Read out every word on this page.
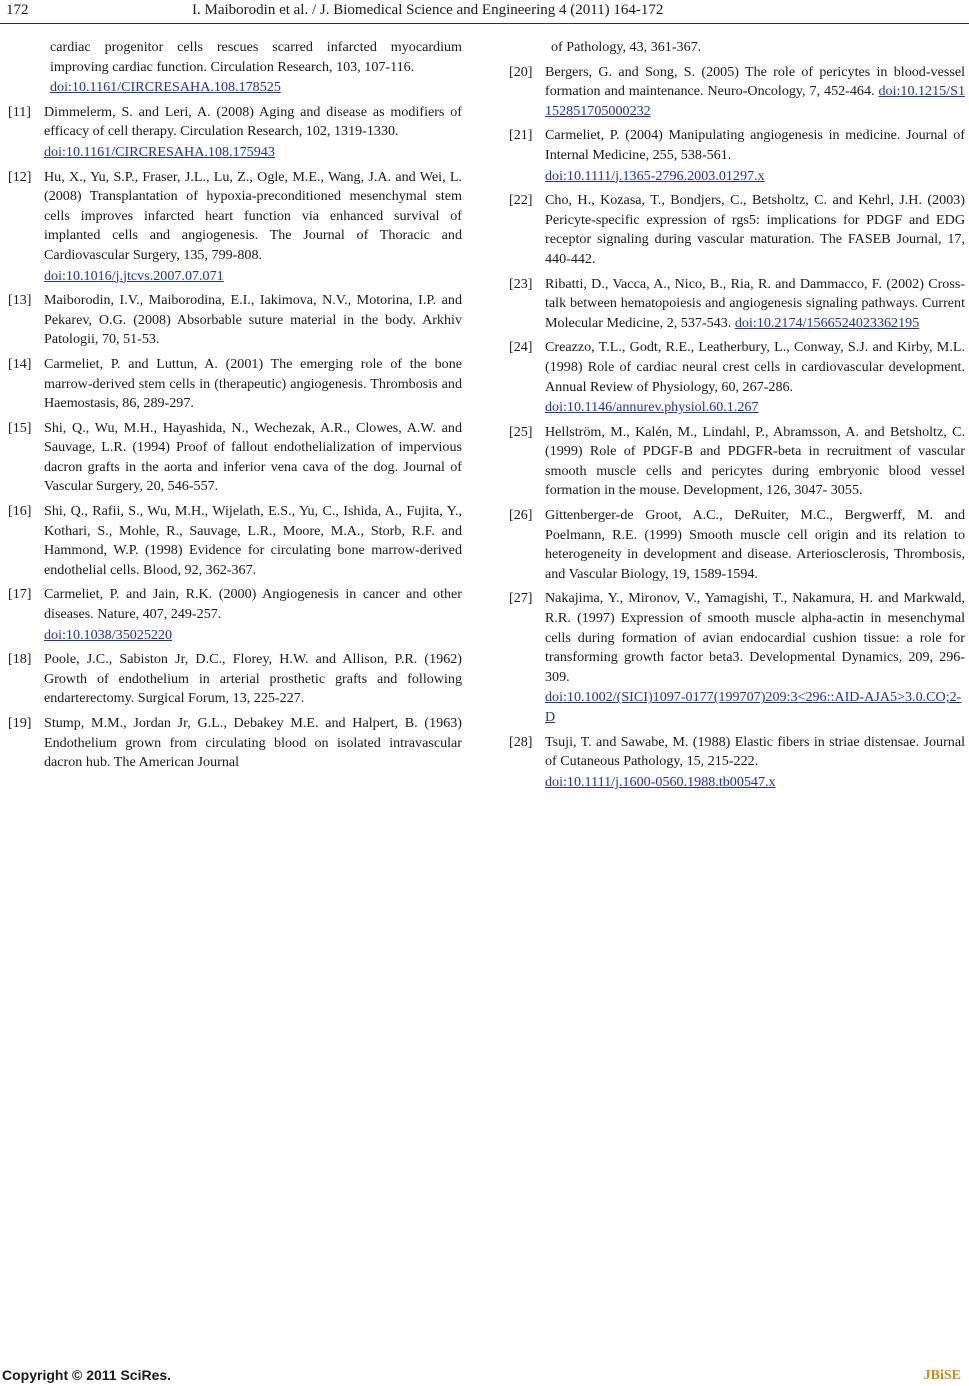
172	I. Maiborodin et al. / J. Biomedical Science and Engineering 4 (2011) 164-172
cardiac progenitor cells rescues scarred infarcted myocardium improving cardiac function. Circulation Research, 103, 107-116.
doi:10.1161/CIRCRESAHA.108.178525
[11] Dimmelerm, S. and Leri, A. (2008) Aging and disease as modifiers of efficacy of cell therapy. Circulation Research, 102, 1319-1330.
doi:10.1161/CIRCRESAHA.108.175943
[12] Hu, X., Yu, S.P., Fraser, J.L., Lu, Z., Ogle, M.E., Wang, J.A. and Wei, L. (2008) Transplantation of hypoxia-preconditioned mesenchymal stem cells improves infarcted heart function via enhanced survival of implanted cells and angiogenesis. The Journal of Thoracic and Cardiovascular Surgery, 135, 799-808.
doi:10.1016/j.jtcvs.2007.07.071
[13] Maiborodin, I.V., Maiborodina, E.I., Iakimova, N.V., Motorina, I.P. and Pekarev, O.G. (2008) Absorbable suture material in the body. Arkhiv Patologii, 70, 51-53.
[14] Carmeliet, P. and Luttun, A. (2001) The emerging role of the bone marrow-derived stem cells in (therapeutic) angiogenesis. Thrombosis and Haemostasis, 86, 289-297.
[15] Shi, Q., Wu, M.H., Hayashida, N., Wechezak, A.R., Clowes, A.W. and Sauvage, L.R. (1994) Proof of fallout endothelialization of impervious dacron grafts in the aorta and inferior vena cava of the dog. Journal of Vascular Surgery, 20, 546-557.
[16] Shi, Q., Rafii, S., Wu, M.H., Wijelath, E.S., Yu, C., Ishida, A., Fujita, Y., Kothari, S., Mohle, R., Sauvage, L.R., Moore, M.A., Storb, R.F. and Hammond, W.P. (1998) Evidence for circulating bone marrow-derived endothelial cells. Blood, 92, 362-367.
[17] Carmeliet, P. and Jain, R.K. (2000) Angiogenesis in cancer and other diseases. Nature, 407, 249-257.
doi:10.1038/35025220
[18] Poole, J.C., Sabiston Jr, D.C., Florey, H.W. and Allison, P.R. (1962) Growth of endothelium in arterial prosthetic grafts and following endarterectomy. Surgical Forum, 13, 225-227.
[19] Stump, M.M., Jordan Jr, G.L., Debakey M.E. and Halpert, B. (1963) Endothelium grown from circulating blood on isolated intravascular dacron hub. The American Journal
of Pathology, 43, 361-367.
[20] Bergers, G. and Song, S. (2005) The role of pericytes in blood-vessel formation and maintenance. Neuro-Oncology, 7, 452-464. doi:10.1215/S1152851705000232
[21] Carmeliet, P. (2004) Manipulating angiogenesis in medicine. Journal of Internal Medicine, 255, 538-561.
doi:10.1111/j.1365-2796.2003.01297.x
[22] Cho, H., Kozasa, T., Bondjers, C., Betsholtz, C. and Kehrl, J.H. (2003) Pericyte-specific expression of rgs5: implications for PDGF and EDG receptor signaling during vascular maturation. The FASEB Journal, 17, 440-442.
[23] Ribatti, D., Vacca, A., Nico, B., Ria, R. and Dammacco, F. (2002) Cross-talk between hematopoiesis and angiogenesis signaling pathways. Current Molecular Medicine, 2, 537-543. doi:10.2174/1566524023362195
[24] Creazzo, T.L., Godt, R.E., Leatherbury, L., Conway, S.J. and Kirby, M.L. (1998) Role of cardiac neural crest cells in cardiovascular development. Annual Review of Physiology, 60, 267-286.
doi:10.1146/annurev.physiol.60.1.267
[25] Hellström, M., Kalén, M., Lindahl, P., Abramsson, A. and Betsholtz, C. (1999) Role of PDGF-B and PDGFR-beta in recruitment of vascular smooth muscle cells and pericytes during embryonic blood vessel formation in the mouse. Development, 126, 3047- 3055.
[26] Gittenberger-de Groot, A.C., DeRuiter, M.C., Bergwerff, M. and Poelmann, R.E. (1999) Smooth muscle cell origin and its relation to heterogeneity in development and disease. Arteriosclerosis, Thrombosis, and Vascular Biology, 19, 1589-1594.
[27] Nakajima, Y., Mironov, V., Yamagishi, T., Nakamura, H. and Markwald, R.R. (1997) Expression of smooth muscle alpha-actin in mesenchymal cells during formation of avian endocardial cushion tissue: a role for transforming growth factor beta3. Developmental Dynamics, 209, 296-309.
doi:10.1002/(SICI)1097-0177(199707)209:3<296::AID-AJA5>3.0.CO;2-D
[28] Tsuji, T. and Sawabe, M. (1988) Elastic fibers in striae distensae. Journal of Cutaneous Pathology, 15, 215-222.
doi:10.1111/j.1600-0560.1988.tb00547.x
Copyright © 2011 SciRes.	JBiSE
